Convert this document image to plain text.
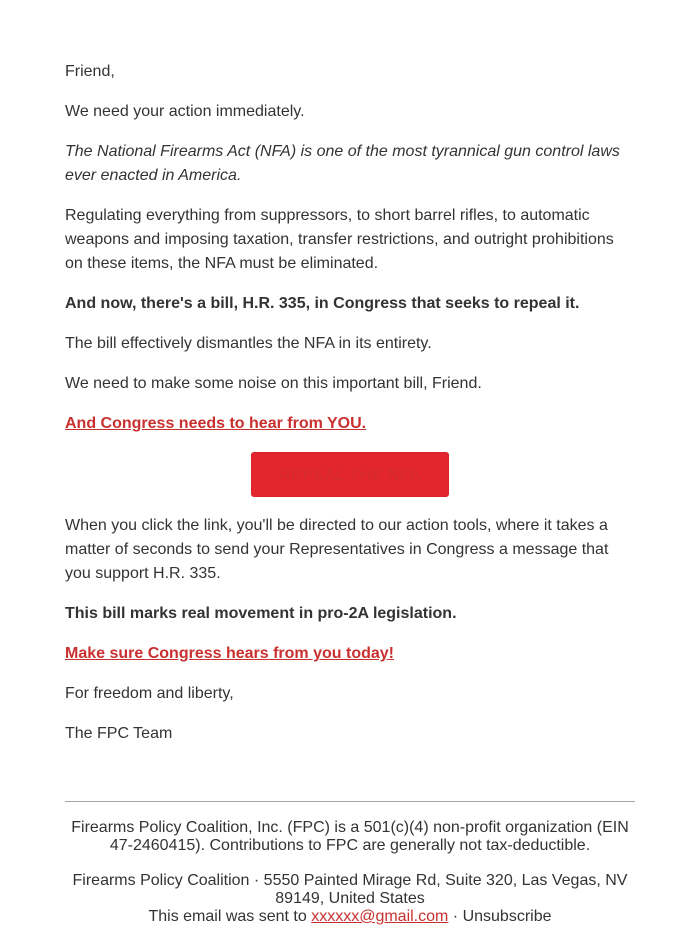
Friend,

We need your action immediately.

The National Firearms Act (NFA) is one of the most tyrannical gun control laws ever enacted in America.

Regulating everything from suppressors, to short barrel rifles, to automatic weapons and imposing taxation, transfer restrictions, and outright prohibitions on these items, the NFA must be eliminated.

And now, there's a bill, H.R. 335, in Congress that seeks to repeal it.

The bill effectively dismantles the NFA in its entirety.

We need to make some noise on this important bill, Friend.

And Congress needs to hear from YOU.

REPEAL THE NFA

When you click the link, you'll be directed to our action tools, where it takes a matter of seconds to send your Representatives in Congress a message that you support H.R. 335.

This bill marks real movement in pro-2A legislation.

Make sure Congress hears from you today!

For freedom and liberty,

The FPC Team

Firearms Policy Coalition, Inc. (FPC) is a 501(c)(4) non-profit organization (EIN 47-2460415). Contributions to FPC are generally not tax-deductible.

Firearms Policy Coalition · 5550 Painted Mirage Rd, Suite 320, Las Vegas, NV 89149, United States

This email was sent to xxxxxx@gmail.com · Unsubscribe
